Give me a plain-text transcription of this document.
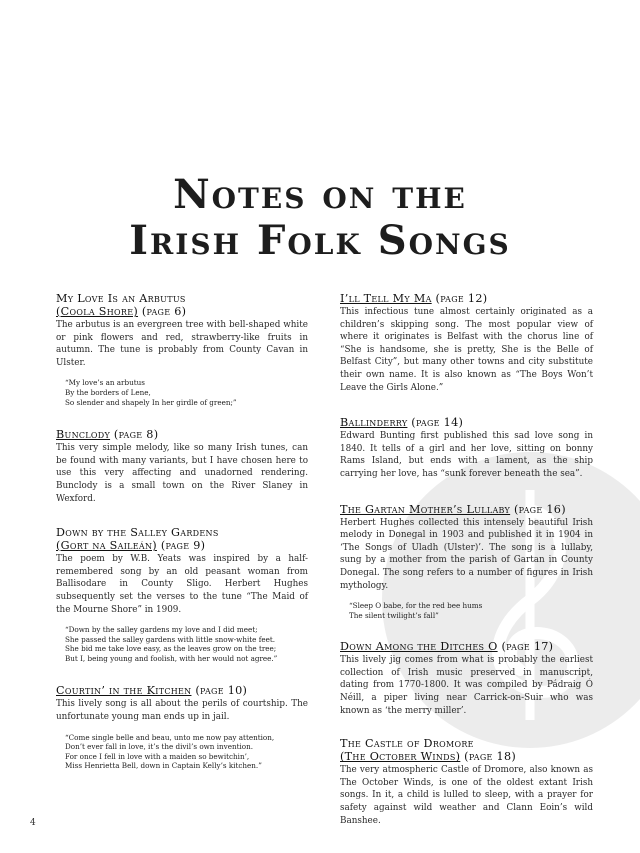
Notes on the
Irish Folk Songs
My Love Is an Arbutus
(Coola Shore) (page 6)

The arbutus is an evergreen tree with bell-shaped white or pink flowers and red, strawberry-like fruits in autumn. The tune is probably from County Cavan in Ulster.

“My love’s an arbutus
By the borders of Lene,
So slender and shapely In her girdle of green;”
Bunclody (page 8)

This very simple melody, like so many Irish tunes, can be found with many variants, but I have chosen here to use this very affecting and unadorned rendering. Bunclody is a small town on the River Slaney in Wexford.

Down by the Salley Gardens
(Gort na Saileán) (page 9)

The poem by W.B. Yeats was inspired by a half-remembered song by an old peasant woman from Ballisodare in County Sligo. Herbert Hughes subsequently set the verses to the tune “The Maid of the Mourne Shore” in 1909.

“Down by the salley gardens my love and I did meet;
She passed the salley gardens with little snow-white feet.
She bid me take love easy, as the leaves grow on the tree;
But I, being young and foolish, with her would not agree.”
Courtin’ in the Kitchen (page 10)

This lively song is all about the perils of courtship. The unfortunate young man ends up in jail.

“Come single belle and beau, unto me now pay attention,
Don’t ever fall in love, it’s the divil’s own invention.
For once I fell in love with a maiden so bewitchin’,
Miss Henrietta Bell, down in Captain Kelly’s kitchen.”
I’ll Tell My Ma (page 12)

This infectious tune almost certainly originated as a children’s skipping song. The most popular view of where it originates is Belfast with the chorus line of “She is handsome, she is pretty, She is the Belle of Belfast City”, but many other towns and city substitute their own name. It is also known as “The Boys Won’t Leave the Girls Alone.”

Ballinderry (page 14)

Edward Bunting first published this sad love song in 1840. It tells of a girl and her love, sitting on bonny Rams Island, but ends with a lament, as the ship carrying her love, has “sunk forever beneath the sea”.

The Gartan Mother’s Lullaby (page 16)

Herbert Hughes collected this intensely beautiful Irish melody in Donegal in 1903 and published it in 1904 in ‘The Songs of Uladh (Ulster)’. The song is a lullaby, sung by a mother from the parish of Gartan in County Donegal. The song refers to a number of figures in Irish mythology.

“Sleep O babe, for the red bee hums
The silent twilight’s fall”
Down Among the Ditches O (page 17)

This lively jig comes from what is probably the earliest collection of Irish music preserved in manuscript, dating from 1770-1800. It was compiled by Pádraig Ó Néill, a piper living near Carrick-on-Suir who was known as ‘the merry miller’.

The Castle of Dromore
(The October Winds) (page 18)

The very atmospheric Castle of Dromore, also known as The October Winds, is one of the oldest extant Irish songs. In it, a child is lulled to sleep, with a prayer for safety against wild weather and Clann Eoin’s wild Banshee.

4
